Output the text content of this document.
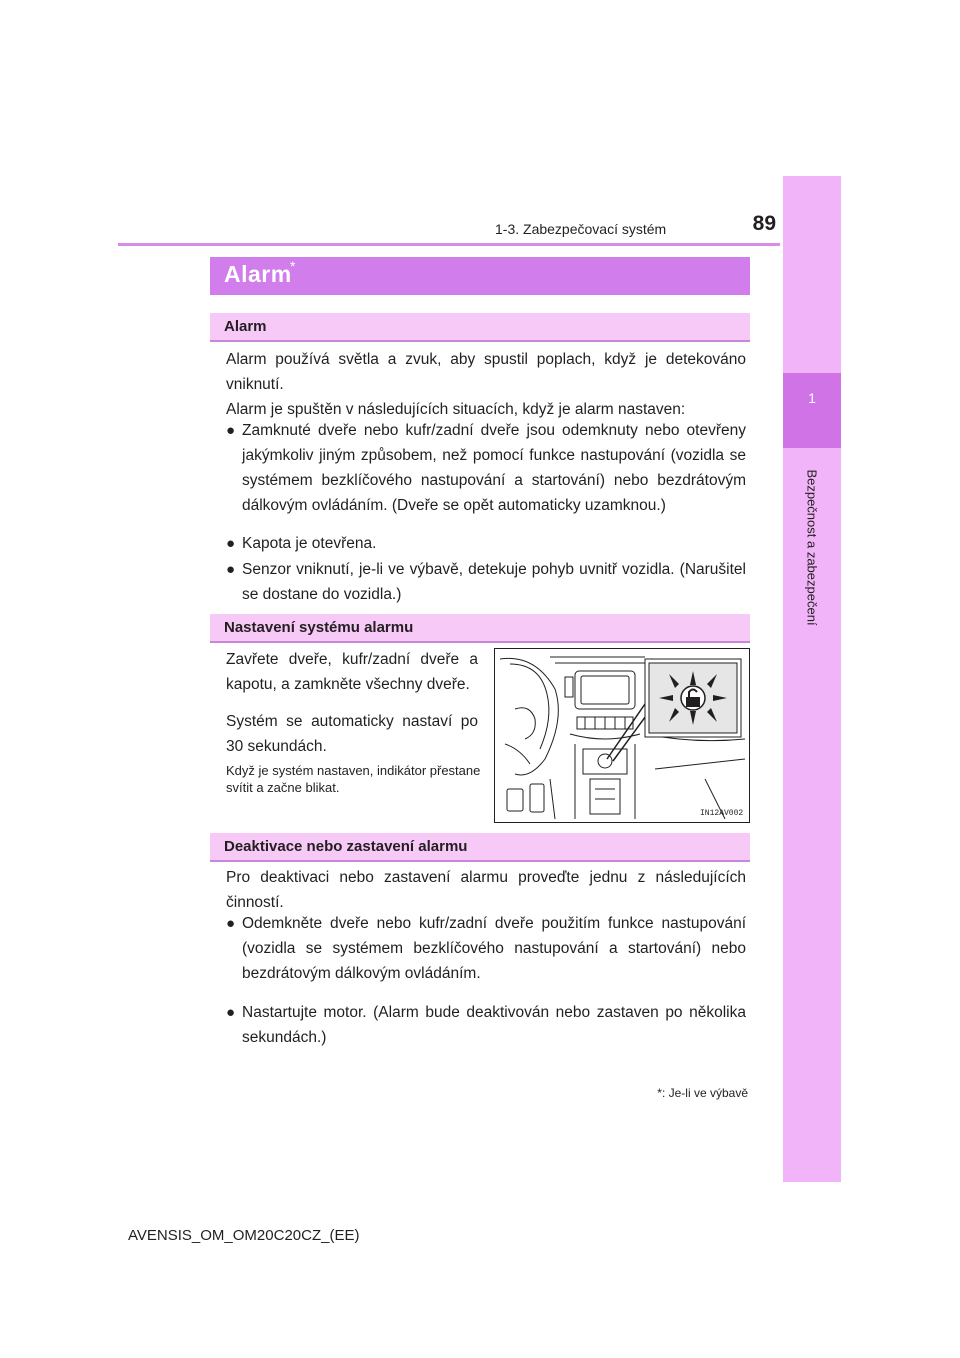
1-3. Zabezpečovací systém	89
1
Bezpečnost a zabezpečení
Alarm
*
Alarm
Alarm používá světla a zvuk, aby spustil poplach, když je detekováno vniknutí.
Alarm je spuštěn v následujících situacích, když je alarm nastaven:
● Zamknuté dveře nebo kufr/zadní dveře jsou odemknuty nebo otevřeny jakýmkoliv jiným způsobem, než pomocí funkce nastupování (vozidla se systémem bezklíčového nastupování a startování) nebo bezdrátovým dálkovým ovládáním. (Dveře se opět automaticky uzamknou.)
● Kapota je otevřena.
● Senzor vniknutí, je-li ve výbavě, detekuje pohyb uvnitř vozidla. (Narušitel se dostane do vozidla.)
Nastavení systému alarmu
Zavřete dveře, kufr/zadní dveře a kapotu, a zamkněte všechny dveře.
Systém se automaticky nastaví po 30 sekundách.
Když je systém nastaven, indikátor přestane svítit a začne blikat.
IN12AV002
Deaktivace nebo zastavení alarmu
Pro deaktivaci nebo zastavení alarmu proveďte jednu z následujících činností.
● Odemkněte dveře nebo kufr/zadní dveře použitím funkce nastupování (vozidla se systémem bezklíčového nastupování a startování) nebo bezdrátovým dálkovým ovládáním.
● Nastartujte motor. (Alarm bude deaktivován nebo zastaven po několika sekundách.)
*: Je-li ve výbavě
AVENSIS_OM_OM20C20CZ_(EE)
